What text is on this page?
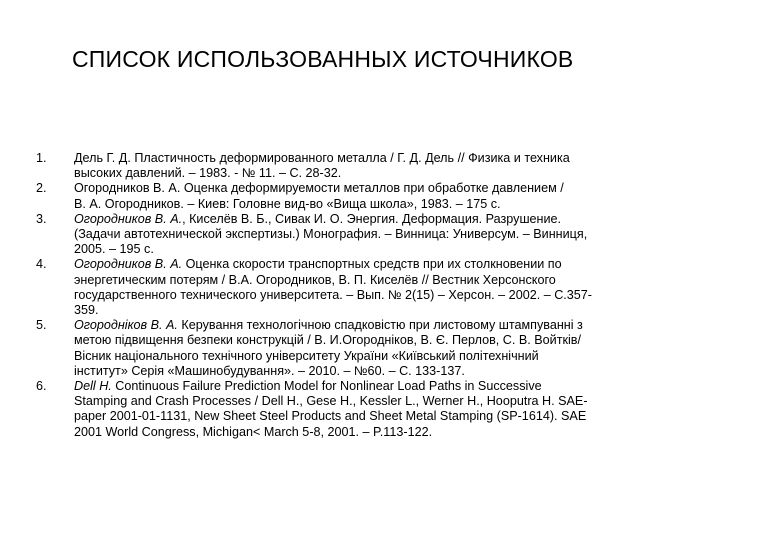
СПИСОК ИСПОЛЬЗОВАННЫХ ИСТОЧНИКОВ
1.	Дель Г. Д. Пластичность деформированного металла / Г. Д. Дель // Физика и техника
высоких давлений. – 1983. - № 11. – С. 28-32.
2.	Огородников В. А. Оценка деформируемости металлов при обработке давлением /
В. А. Огородников. – Киев: Головне вид-во «Вища школа», 1983. – 175 с.
3.	Огородников В. А., Киселёв В. Б., Сивак И. О. Энергия. Деформация. Разрушение.
(Задачи автотехнической экспертизы.) Монография. – Винница: Универсум. – Винниця,
2005. – 195 с.
4.	Огородников В. А. Оценка скорости транспортных средств при их столкновении по
энергетическим потерям / В.А. Огородников, В. П. Киселёв // Вестник Херсонского
государственного технического университета. – Вып. № 2(15) – Херсон. – 2002. – С.357-
359.
5.	Огороднiков В. А. Керування технологiчною спадковiстю при листовому штампуваннi з
метою пiдвищення безпеки конструкцiй / В. И.Огороднiков, В. Є. Перлов, С. В. Войткiв/
Вiсник нацiонального технiчного унiверситету України «Київський полiтехнiчний
iнститут» Серiя «Машинобудування». – 2010. – №60. – С. 133-137.
6.	Dell H. Continuous Failure Prediction Model for Nonlinear Load Paths in Successive
Stamping and Crash Processes / Dell H., Gese H., Kessler L., Werner H., Hooputra H. SAE-
paper 2001-01-1131, New Sheet Steel Products and Sheet Metal Stamping (SP-1614). SAE
2001 World Congress, Michigan< March 5-8, 2001. – P.113-122.
